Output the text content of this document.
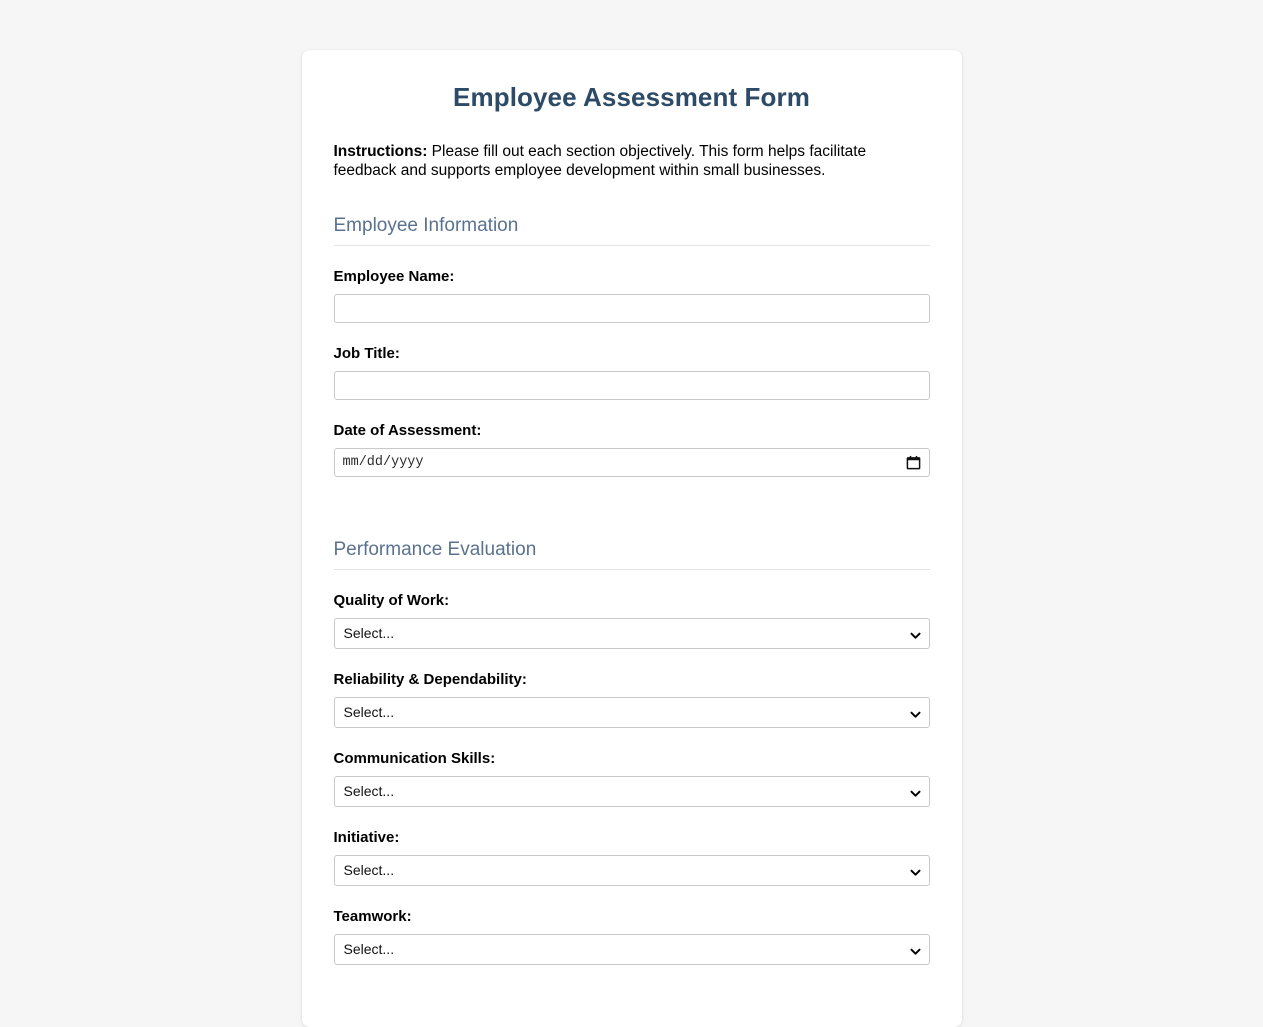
Employee Assessment Form

Instructions: Please fill out each section objectively. This form helps facilitate feedback and supports employee development within small businesses.

Employee Information
Employee Name:
Job Title:
Date of Assessment:
mm/dd/yyyy
Performance Evaluation
Quality of Work:
Select...
Reliability & Dependability:
Select...
Communication Skills:
Select...
Initiative:
Select...
Teamwork:
Select...
